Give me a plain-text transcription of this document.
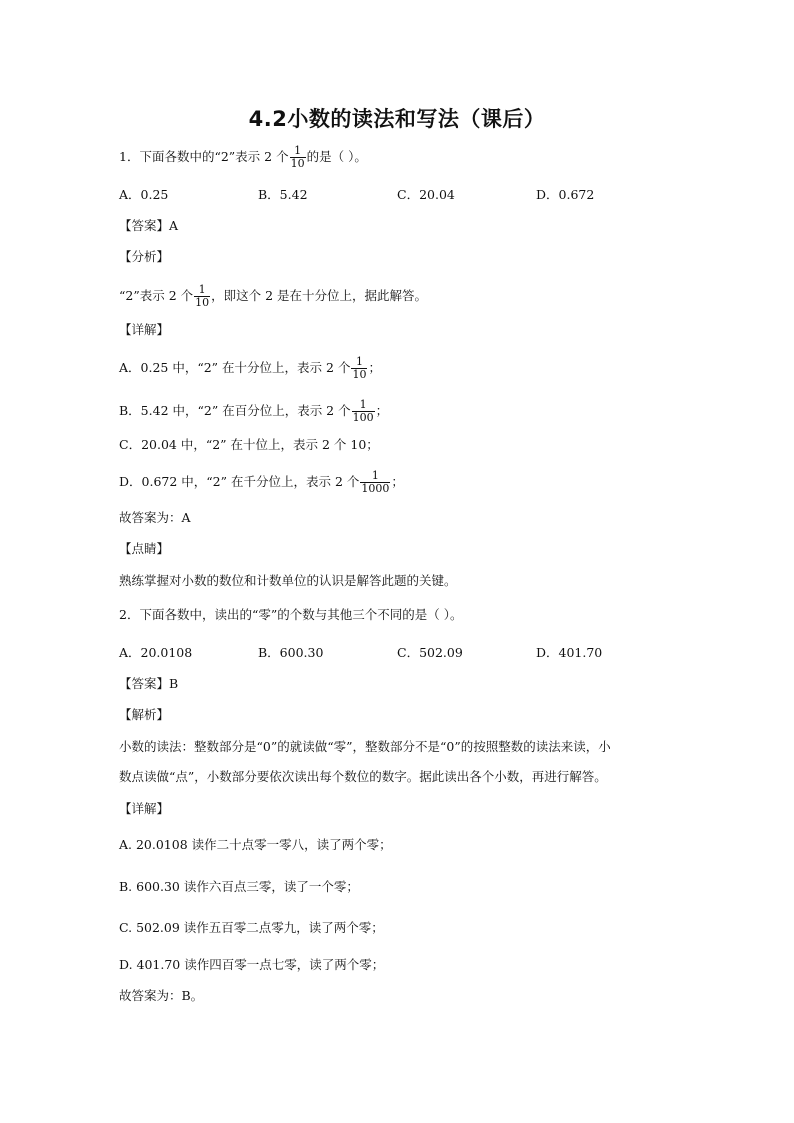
4.2小数的读法和写法（课后）
1．下面各数中的“2”表示 2 个 $\frac{1}{10}$ 的是（ ）。
A．0.25	B．5.42	C．20.04	D．0.672
【答案】A
【分析】
“2”表示 2 个 $\frac{1}{10}$ ，即这个 2 是在十分位上，据此解答。
【详解】
A．0.25 中，“2” 在十分位上，表示 2 个 $\frac{1}{10}$ ；
B．5.42 中，“2” 在百分位上，表示 2 个 $\frac{1}{100}$ ；
C．20.04 中，“2” 在十位上，表示 2 个 10；
D．0.672 中，“2” 在千分位上，表示 2 个 $\frac{1}{1000}$ ；
故答案为：A
【点睛】
熟练掌握对小数的数位和计数单位的认识是解答此题的关键。
2．下面各数中，读出的“零”的个数与其他三个不同的是（ ）。
A．20.0108	B．600.30	C．502.09	D．401.70
【答案】B
【解析】
小数的读法：整数部分是“0”的就读做“零”，整数部分不是“0”的按照整数的读法来读，小
数点读做“点”，小数部分要依次读出每个数位的数字。据此读出各个小数，再进行解答。
【详解】
A. 20.0108 读作二十点零一零八，读了两个零；
B. 600.30 读作六百点三零，读了一个零；
C. 502.09 读作五百零二点零九，读了两个零；
D. 401.70 读作四百零一点七零，读了两个零；
故答案为：B。
